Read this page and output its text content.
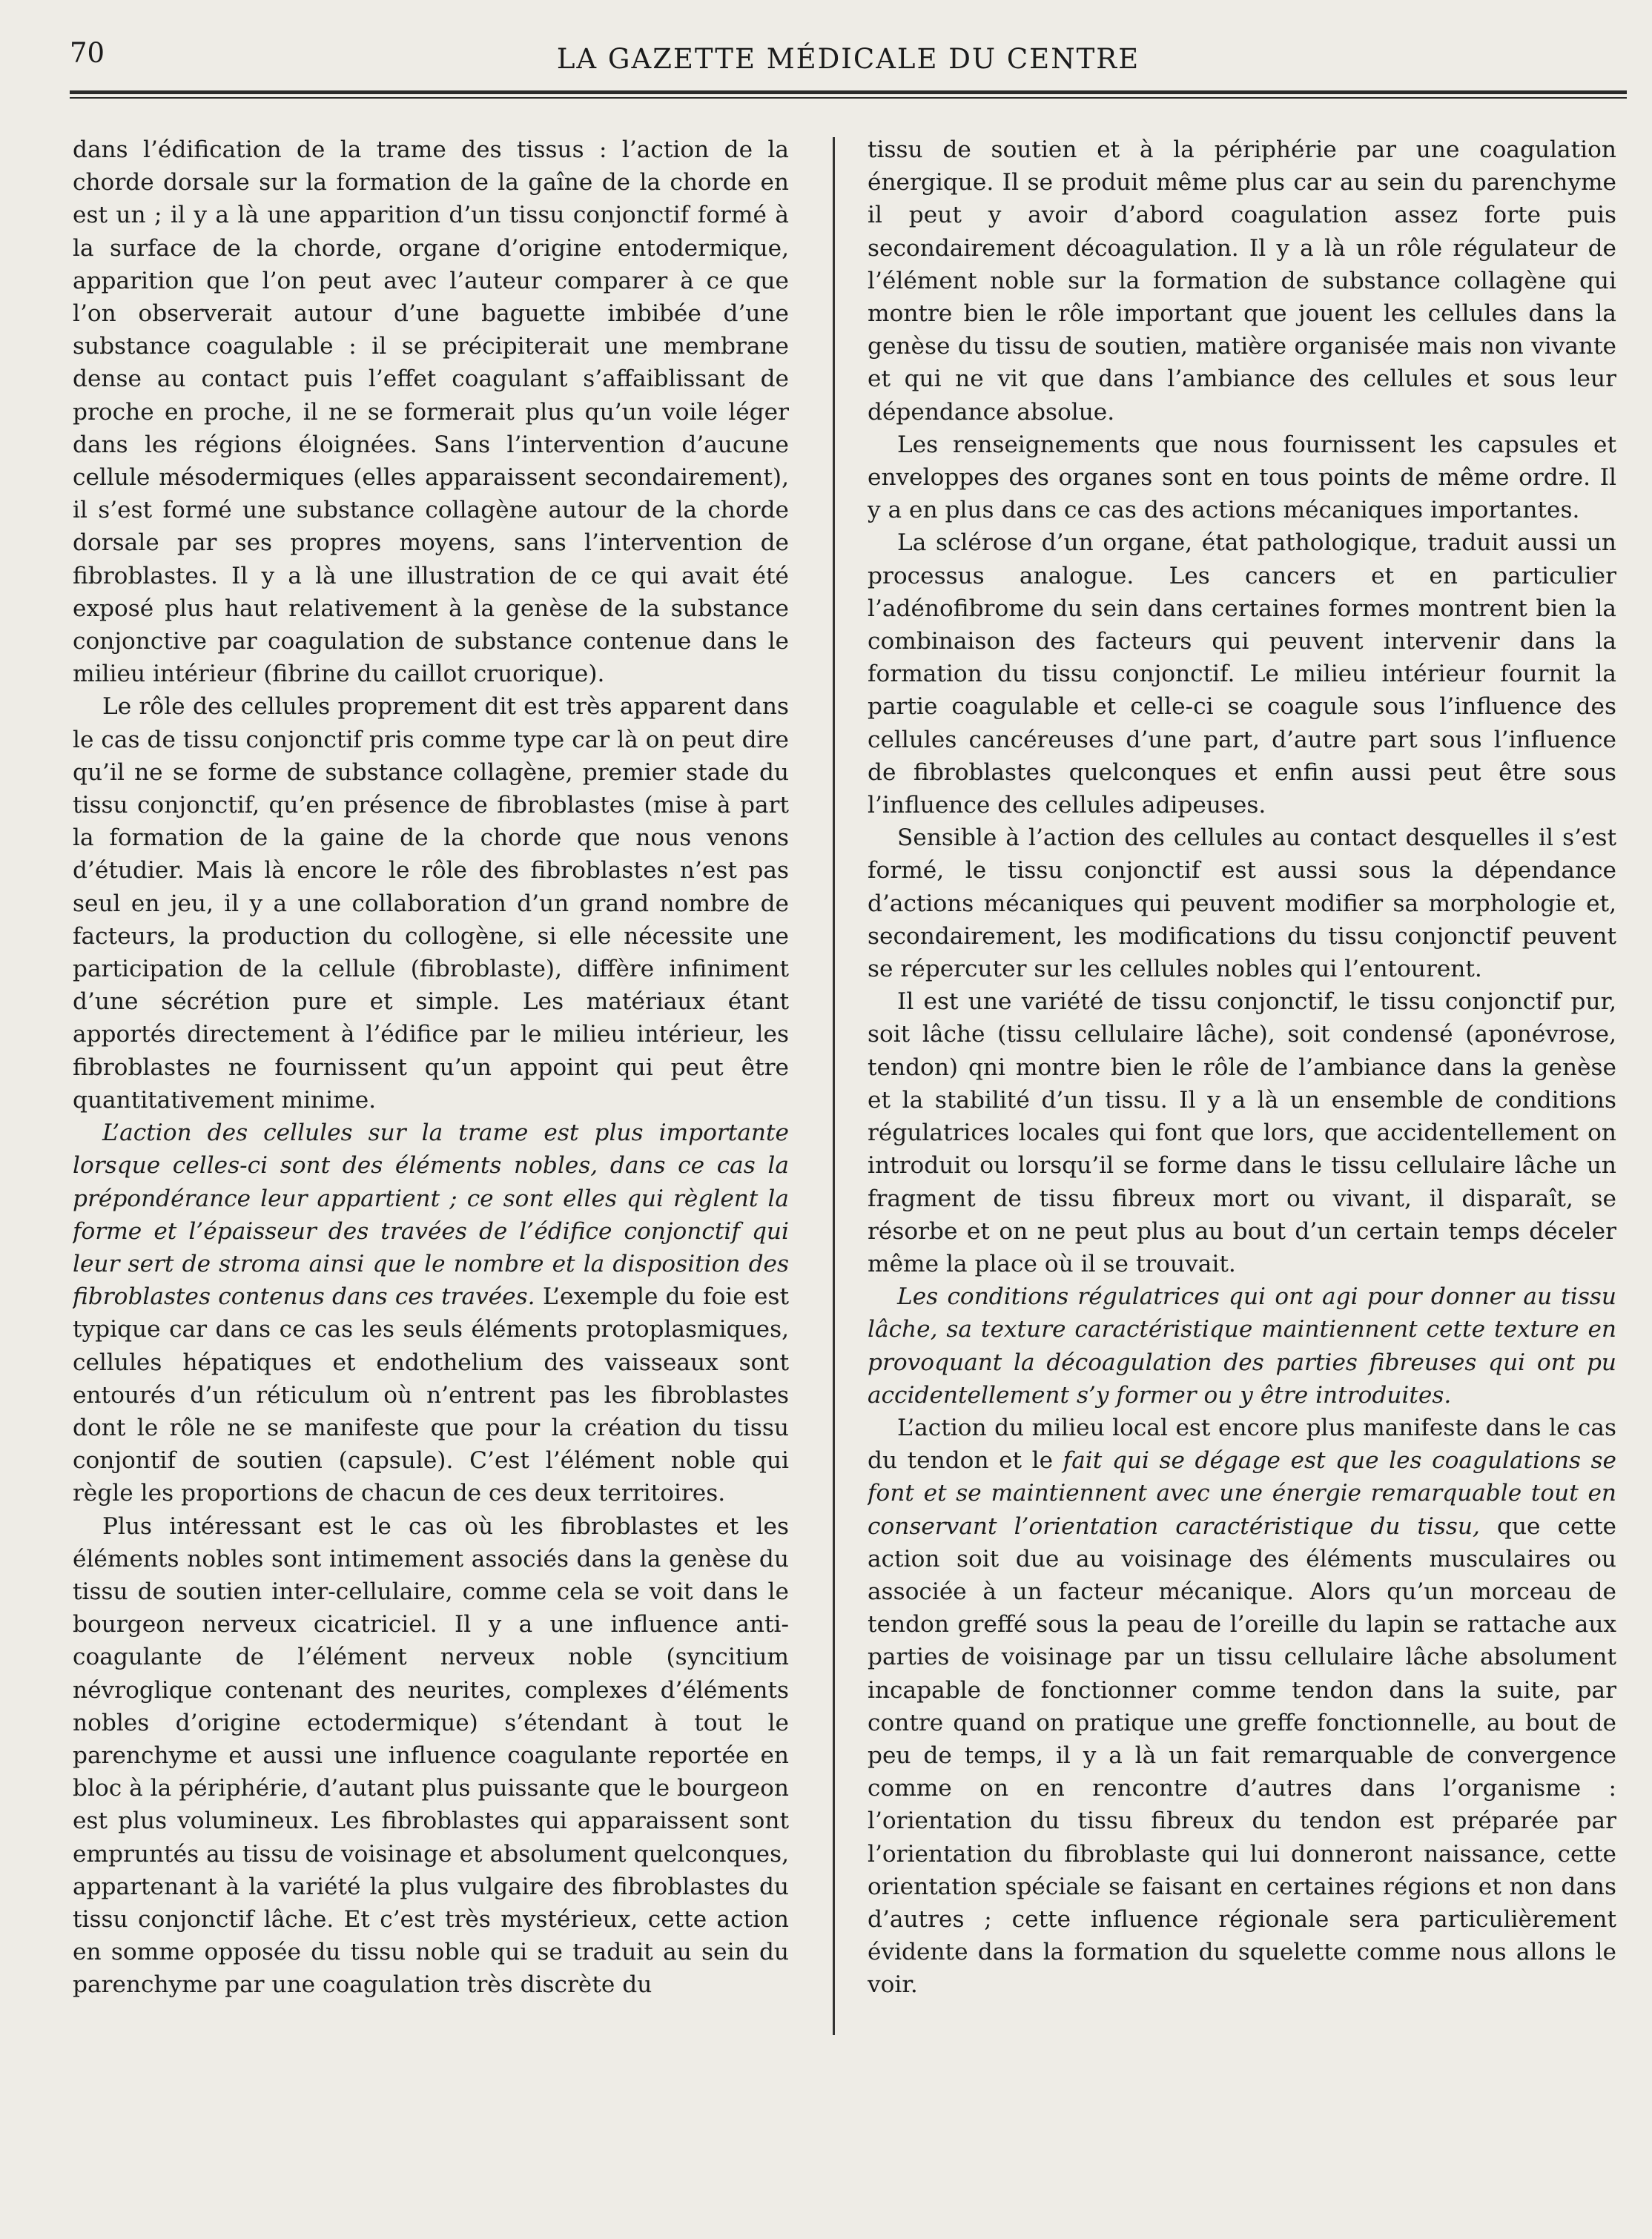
70	LA GAZETTE MÉDICALE DU CENTRE

dans l’édification de la trame des tissus : l’action de la chorde dorsale sur la formation de la gaîne de la chorde en est un ; il y a là une apparition d’un tissu conjonctif formé à la surface de la chorde, organe d’origine entodermique, apparition que l’on peut avec l’auteur comparer à ce que l’on observerait autour d’une baguette imbibée d’une substance coagulable : il se précipiterait une membrane dense au contact puis l’effet coagulant s’affaiblissant de proche en proche, il ne se formerait plus qu’un voile léger dans les régions éloignées. Sans l’intervention d’aucune cellule mésodermiques (elles apparaissent secondairement), il s’est formé une substance collagène autour de la chorde dorsale par ses propres moyens, sans l’intervention de fibroblastes. Il y a là une illustration de ce qui avait été exposé plus haut relativement à la genèse de la substance conjonctive par coagulation de substance contenue dans le milieu intérieur (fibrine du caillot cruorique).

Le rôle des cellules proprement dit est très apparent dans le cas de tissu conjonctif pris comme type car là on peut dire qu’il ne se forme de substance collagène, premier stade du tissu conjonctif, qu’en présence de fibroblastes (mise à part la formation de la gaine de la chorde que nous venons d’étudier. Mais là encore le rôle des fibroblastes n’est pas seul en jeu, il y a une collaboration d’un grand nombre de facteurs, la production du collogène, si elle nécessite une participation de la cellule (fibroblaste), diffère infiniment d’une sécrétion pure et simple. Les matériaux étant apportés directement à l’édifice par le milieu intérieur, les fibroblastes ne fournissent qu’un appoint qui peut être quantitativement minime.

L’action des cellules sur la trame est plus importante lorsque celles-ci sont des éléments nobles, dans ce cas la prépondérance leur appartient ; ce sont elles qui règlent la forme et l’épaisseur des travées de l’édifice conjonctif qui leur sert de stroma ainsi que le nombre et la disposition des fibroblastes contenus dans ces travées. L’exemple du foie est typique car dans ce cas les seuls éléments protoplasmiques, cellules hépatiques et endothelium des vaisseaux sont entourés d’un réticulum où n’entrent pas les fibroblastes dont le rôle ne se manifeste que pour la création du tissu conjontif de soutien (capsule). C’est l’élément noble qui règle les proportions de chacun de ces deux territoires.

Plus intéressant est le cas où les fibroblastes et les éléments nobles sont intimement associés dans la genèse du tissu de soutien inter-cellulaire, comme cela se voit dans le bourgeon nerveux cicatriciel. Il y a une influence anti-coagulante de l’élément nerveux noble (syncitium névroglique contenant des neurites, complexes d’éléments nobles d’origine ectodermique) s’étendant à tout le parenchyme et aussi une influence coagulante reportée en bloc à la périphérie, d’autant plus puissante que le bourgeon est plus volumineux. Les fibroblastes qui apparaissent sont empruntés au tissu de voisinage et absolument quelconques, appartenant à la variété la plus vulgaire des fibroblastes du tissu conjonctif lâche. Et c’est très mystérieux, cette action en somme opposée du tissu noble qui se traduit au sein du parenchyme par une coagulation très discrète du

tissu de soutien et à la périphérie par une coagulation énergique. Il se produit même plus car au sein du parenchyme il peut y avoir d’abord coagulation assez forte puis secondairement décoagulation. Il y a là un rôle régulateur de l’élément noble sur la formation de substance collagène qui montre bien le rôle important que jouent les cellules dans la genèse du tissu de soutien, matière organisée mais non vivante et qui ne vit que dans l’ambiance des cellules et sous leur dépendance absolue.

Les renseignements que nous fournissent les capsules et enveloppes des organes sont en tous points de même ordre. Il y a en plus dans ce cas des actions mécaniques importantes.

La sclérose d’un organe, état pathologique, traduit aussi un processus analogue. Les cancers et en particulier l’adénofibrome du sein dans certaines formes montrent bien la combinaison des facteurs qui peuvent intervenir dans la formation du tissu conjonctif. Le milieu intérieur fournit la partie coagulable et celle-ci se coagule sous l’influence des cellules cancéreuses d’une part, d’autre part sous l’influence de fibroblastes quelconques et enfin aussi peut être sous l’influence des cellules adipeuses.

Sensible à l’action des cellules au contact desquelles il s’est formé, le tissu conjonctif est aussi sous la dépendance d’actions mécaniques qui peuvent modifier sa morphologie et, secondairement, les modifications du tissu conjonctif peuvent se répercuter sur les cellules nobles qui l’entourent.

Il est une variété de tissu conjonctif, le tissu conjonctif pur, soit lâche (tissu cellulaire lâche), soit condensé (aponévrose, tendon) qni montre bien le rôle de l’ambiance dans la genèse et la stabilité d’un tissu. Il y a là un ensemble de conditions régulatrices locales qui font que lors, que accidentellement on introduit ou lorsqu’il se forme dans le tissu cellulaire lâche un fragment de tissu fibreux mort ou vivant, il disparaît, se résorbe et on ne peut plus au bout d’un certain temps déceler même la place où il se trouvait.

Les conditions régulatrices qui ont agi pour donner au tissu lâche, sa texture caractéristique maintiennent cette texture en provoquant la décoagulation des parties fibreuses qui ont pu accidentellement s’y former ou y être introduites.

L’action du milieu local est encore plus manifeste dans le cas du tendon et le fait qui se dégage est que les coagulations se font et se maintiennent avec une énergie remarquable tout en conservant l’orientation caractéristique du tissu, que cette action soit due au voisinage des éléments musculaires ou associée à un facteur mécanique. Alors qu’un morceau de tendon greffé sous la peau de l’oreille du lapin se rattache aux parties de voisinage par un tissu cellulaire lâche absolument incapable de fonctionner comme tendon dans la suite, par contre quand on pratique une greffe fonctionnelle, au bout de peu de temps, il y a là un fait remarquable de convergence comme on en rencontre d’autres dans l’organisme : l’orientation du tissu fibreux du tendon est préparée par l’orientation du fibroblaste qui lui donneront naissance, cette orientation spéciale se faisant en certaines régions et non dans d’autres ; cette influence régionale sera particulièrement évidente dans la formation du squelette comme nous allons le voir.
